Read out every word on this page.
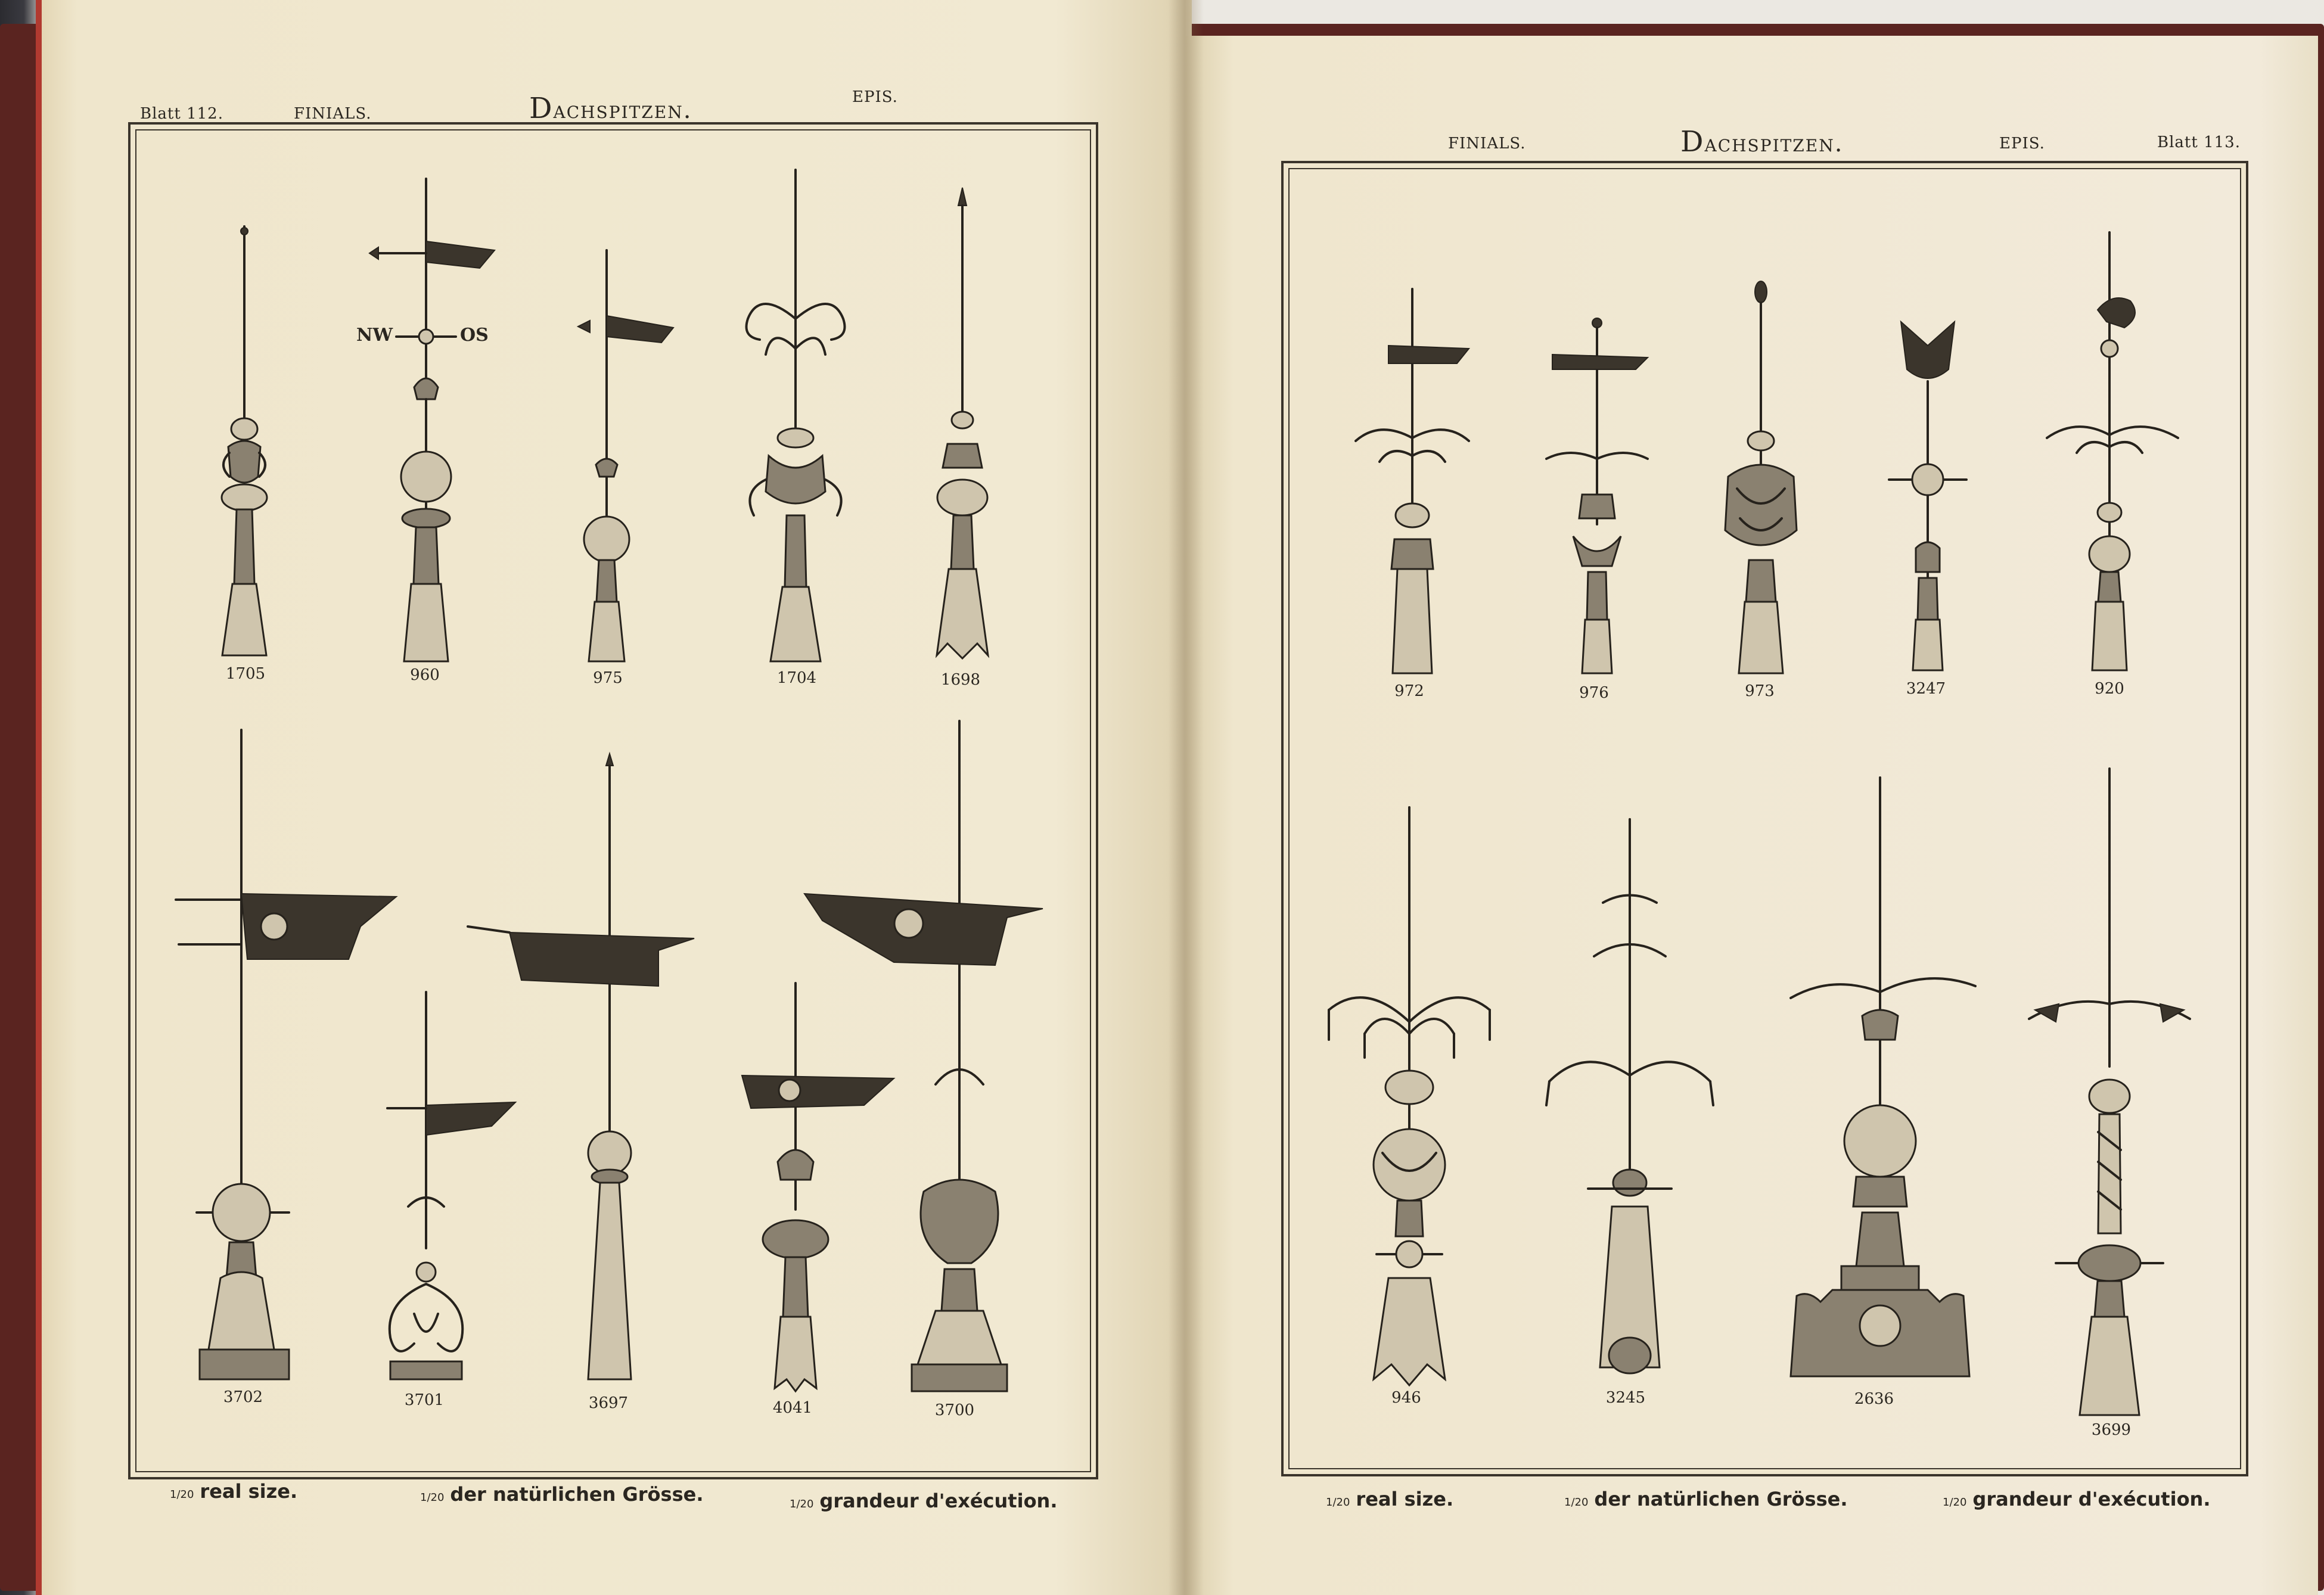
Blatt 112.	FINIALS.	Dachspitzen.	EPIS.
FINIALS.	Dachspitzen.	EPIS.	Blatt 113.
1705	960	975	1704	1698
3702	3701	3697	4041	3700
NW	OS
972	976	973	3247	920
946	3245	2636
3699
1/20 real size.	1/20 der natürlichen Grösse.	1/20 grandeur d'exécution.	1/20 real size.	1/20 der natürlichen Grösse.	1/20 grandeur d'exécution.
